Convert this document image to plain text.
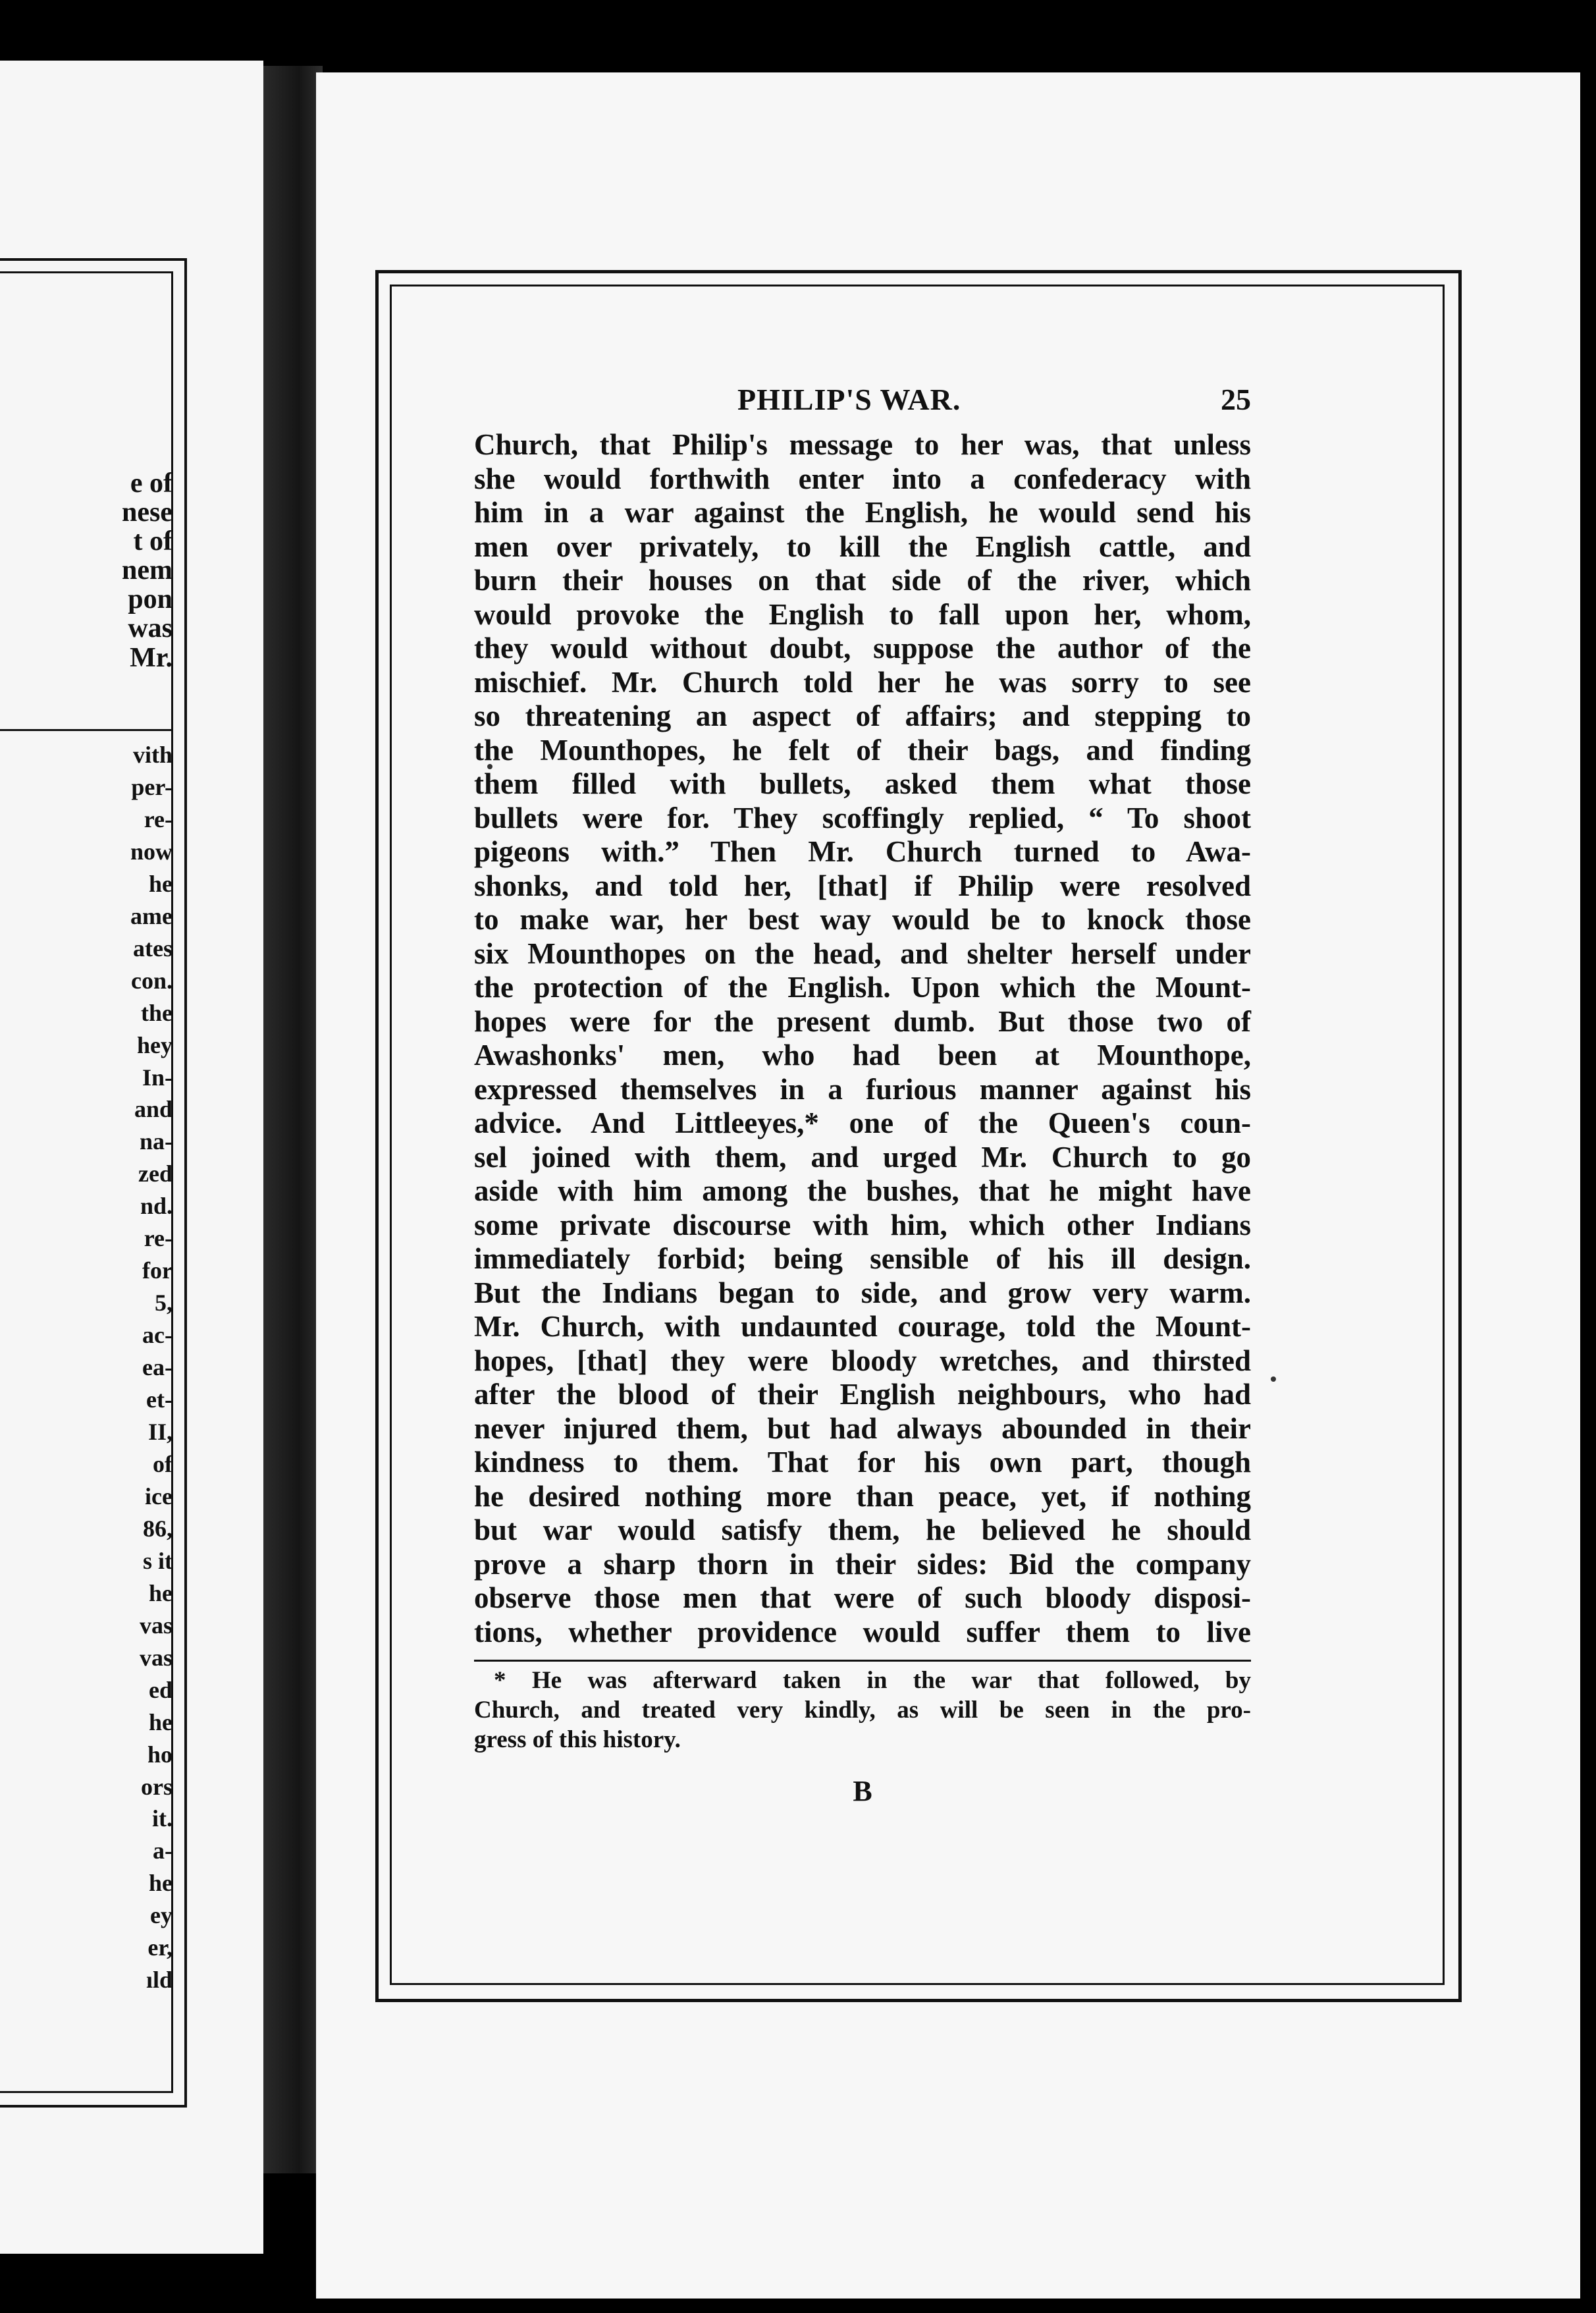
e of
nese
t of
nem
pon
was
Mr.
vith
per-
re-
now
he
ame
ates
con.
the
hey
In-
and
na-
zed
nd.
re-
for
5,
ac-
ea-
et-
II,
of
ice
86,
s it
he
vas
vas
ed
he
ho
ors
it.
a-
he
ey
er,
ıld
PHILIP'S WAR.	25
Church, that Philip's message to her was, that unless
she would forthwith enter into a confederacy with
him in a war against the English, he would send his
men over privately, to kill the English cattle, and
burn their houses on that side of the river, which
would provoke the English to fall upon her, whom,
they would without doubt, suppose the author of the
mischief. Mr. Church told her he was sorry to see
so threatening an aspect of affairs; and stepping to
the Mounthopes, he felt of their bags, and finding
them filled with bullets, asked them what those
bullets were for. They scoffingly replied, “ To shoot
pigeons with.” Then Mr. Church turned to Awa-
shonks, and told her, [that] if Philip were resolved
to make war, her best way would be to knock those
six Mounthopes on the head, and shelter herself under
the protection of the English. Upon which the Mount-
hopes were for the present dumb. But those two of
Awashonks' men, who had been at Mounthope,
expressed themselves in a furious manner against his
advice. And Littleeyes,* one of the Queen's coun-
sel joined with them, and urged Mr. Church to go
aside with him among the bushes, that he might have
some private discourse with him, which other Indians
immediately forbid; being sensible of his ill design.
But the Indians began to side, and grow very warm.
Mr. Church, with undaunted courage, told the Mount-
hopes, [that] they were bloody wretches, and thirsted
after the blood of their English neighbours, who had
never injured them, but had always abounded in their
kindness to them. That for his own part, though
he desired nothing more than peace, yet, if nothing
but war would satisfy them, he believed he should
prove a sharp thorn in their sides: Bid the company
observe those men that were of such bloody disposi-
tions, whether providence would suffer them to live
* He was afterward taken in the war that followed, by
Church, and treated very kindly, as will be seen in the pro-
gress of this history.
B
